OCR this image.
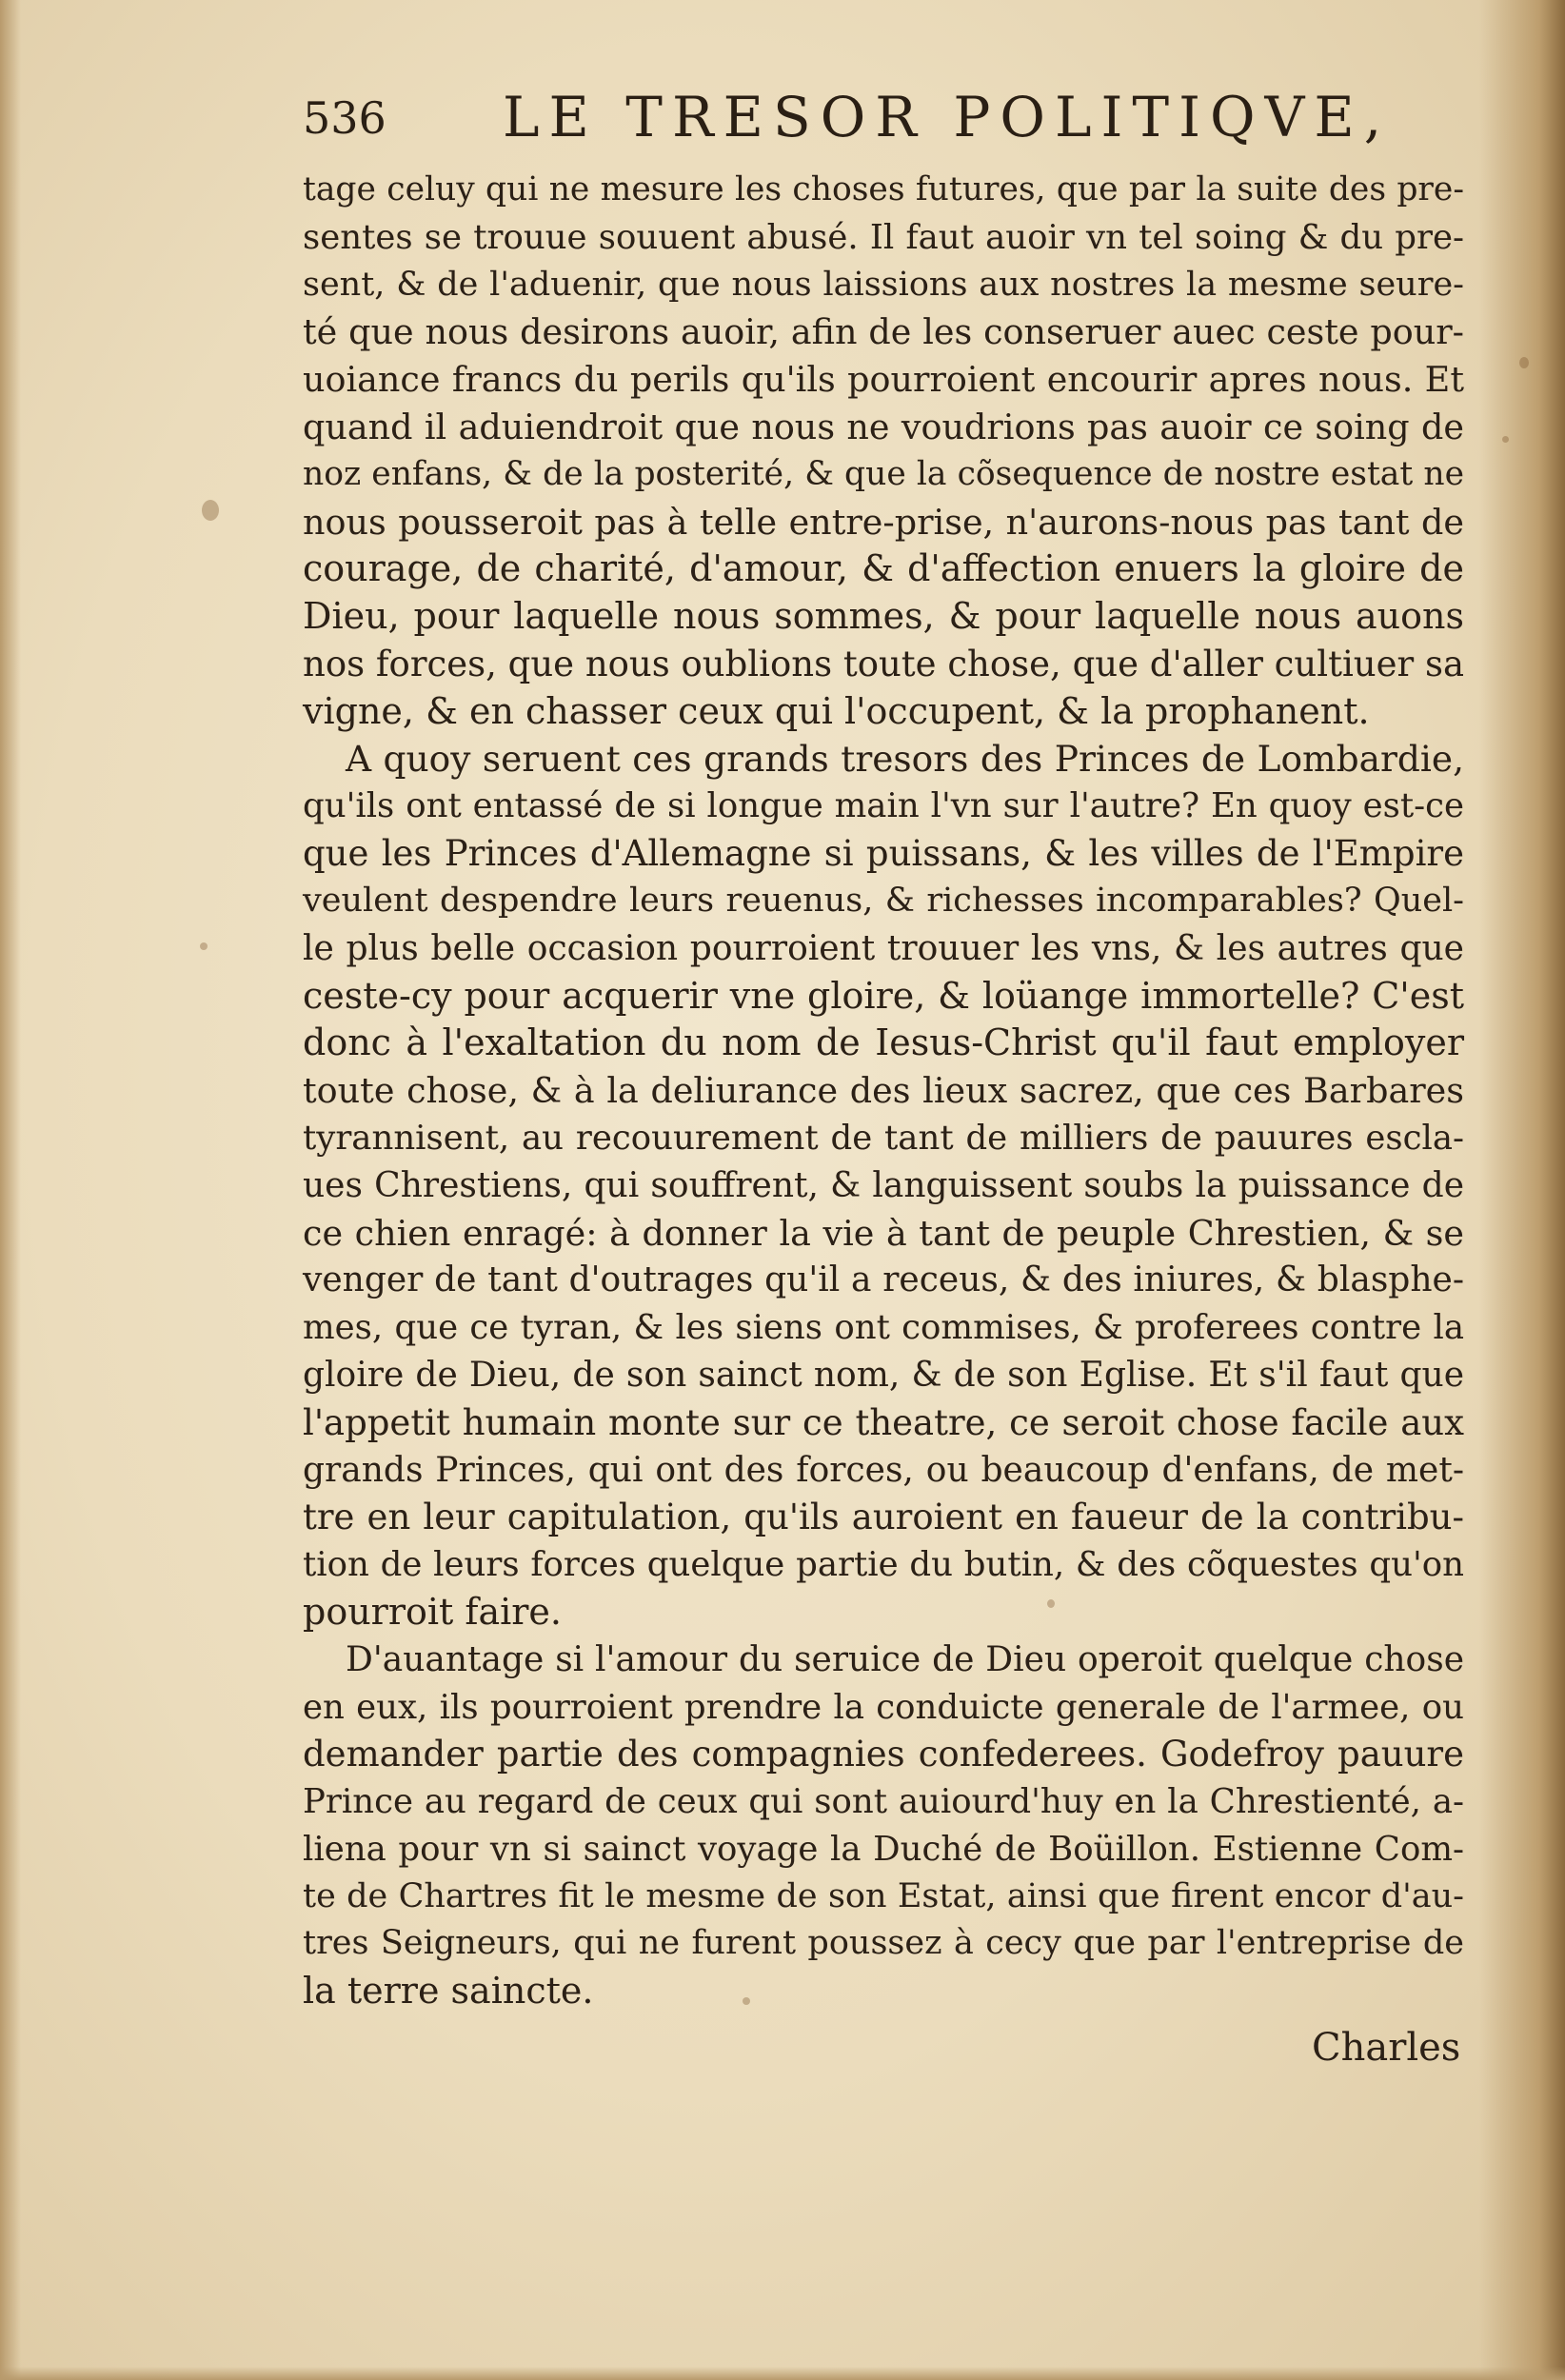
536 LE TRESOR POLITIQVE,
tage celuy qui ne mesure les choses futures, que par la suite des pre-
sentes se trouue souuent abusé. Il faut auoir vn tel soing & du pre-
sent, & de l'aduenir, que nous laissions aux nostres la mesme seure-
té que nous desirons auoir, afin de les conseruer auec ceste pour-
uoiance francs du perils qu'ils pourroient encourir apres nous. Et
quand il aduiendroit que nous ne voudrions pas auoir ce soing de
noz enfans, & de la posterité, & que la cõsequence de nostre estat ne
nous pousseroit pas à telle entre-prise, n'aurons-nous pas tant de
courage, de charité, d'amour, & d'affection enuers la gloire de
Dieu, pour laquelle nous sommes, & pour laquelle nous auons
nos forces, que nous oublions toute chose, que d'aller cultiuer sa
vigne, & en chasser ceux qui l'occupent, & la prophanent.
A quoy seruent ces grands tresors des Princes de Lombardie,
qu'ils ont entassé de si longue main l'vn sur l'autre? En quoy est-ce
que les Princes d'Allemagne si puissans, & les villes de l'Empire
veulent despendre leurs reuenus, & richesses incomparables? Quel-
le plus belle occasion pourroient trouuer les vns, & les autres que
ceste-cy pour acquerir vne gloire, & loüange immortelle? C'est
donc à l'exaltation du nom de Iesus-Christ qu'il faut employer
toute chose, & à la deliurance des lieux sacrez, que ces Barbares
tyrannisent, au recouurement de tant de milliers de pauures escla-
ues Chrestiens, qui souffrent, & languissent soubs la puissance de
ce chien enragé: à donner la vie à tant de peuple Chrestien, & se
venger de tant d'outrages qu'il a receus, & des iniures, & blasphe-
mes, que ce tyran, & les siens ont commises, & proferees contre la
gloire de Dieu, de son sainct nom, & de son Eglise. Et s'il faut que
l'appetit humain monte sur ce theatre, ce seroit chose facile aux
grands Princes, qui ont des forces, ou beaucoup d'enfans, de met-
tre en leur capitulation, qu'ils auroient en faueur de la contribu-
tion de leurs forces quelque partie du butin, & des cõquestes qu'on
pourroit faire.
D'auantage si l'amour du seruice de Dieu operoit quelque chose
en eux, ils pourroient prendre la conduicte generale de l'armee, ou
demander partie des compagnies confederees. Godefroy pauure
Prince au regard de ceux qui sont auiourd'huy en la Chrestienté, a-
liena pour vn si sainct voyage la Duché de Boüillon. Estienne Com-
te de Chartres fit le mesme de son Estat, ainsi que firent encor d'au-
tres Seigneurs, qui ne furent poussez à cecy que par l'entreprise de
la terre saincte.
Charles
